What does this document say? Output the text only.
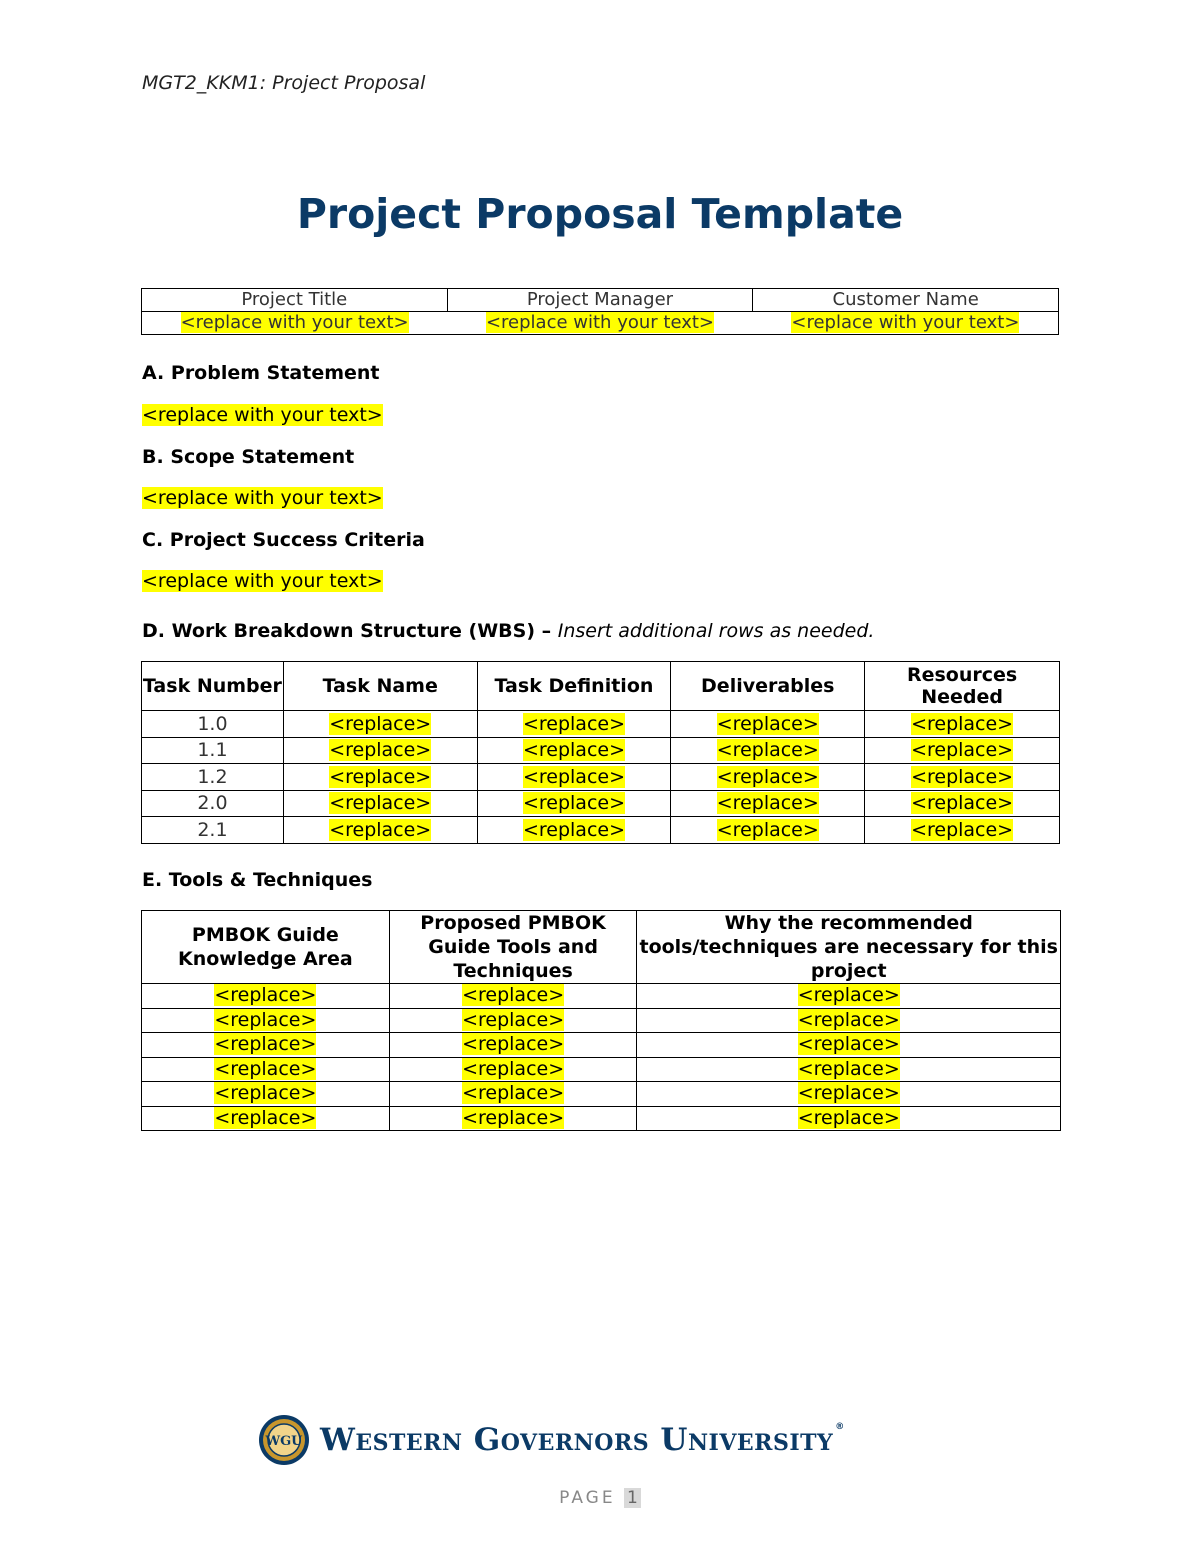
MGT2_KKM1: Project Proposal
Project Proposal Template
Project Title	Project Manager	Customer Name
<replace with your text>	<replace with your text>	<replace with your text>
A. Problem Statement
<replace with your text>
B. Scope Statement
<replace with your text>
C. Project Success Criteria
<replace with your text>
D. Work Breakdown Structure (WBS) – Insert additional rows as needed.
Task Number	Task Name	Task Definition	Deliverables	Resources Needed
1.0	<replace>	<replace>	<replace>	<replace>
1.1	<replace>	<replace>	<replace>	<replace>
1.2	<replace>	<replace>	<replace>	<replace>
2.0	<replace>	<replace>	<replace>	<replace>
2.1	<replace>	<replace>	<replace>	<replace>
E. Tools & Techniques
PMBOK Guide Knowledge Area	Proposed PMBOK Guide Tools and Techniques	Why the recommended tools/techniques are necessary for this project
<replace>	<replace>	<replace>
<replace>	<replace>	<replace>
<replace>	<replace>	<replace>
<replace>	<replace>	<replace>
<replace>	<replace>	<replace>
<replace>	<replace>	<replace>
WGU Western Governors University ®
PAGE 1
